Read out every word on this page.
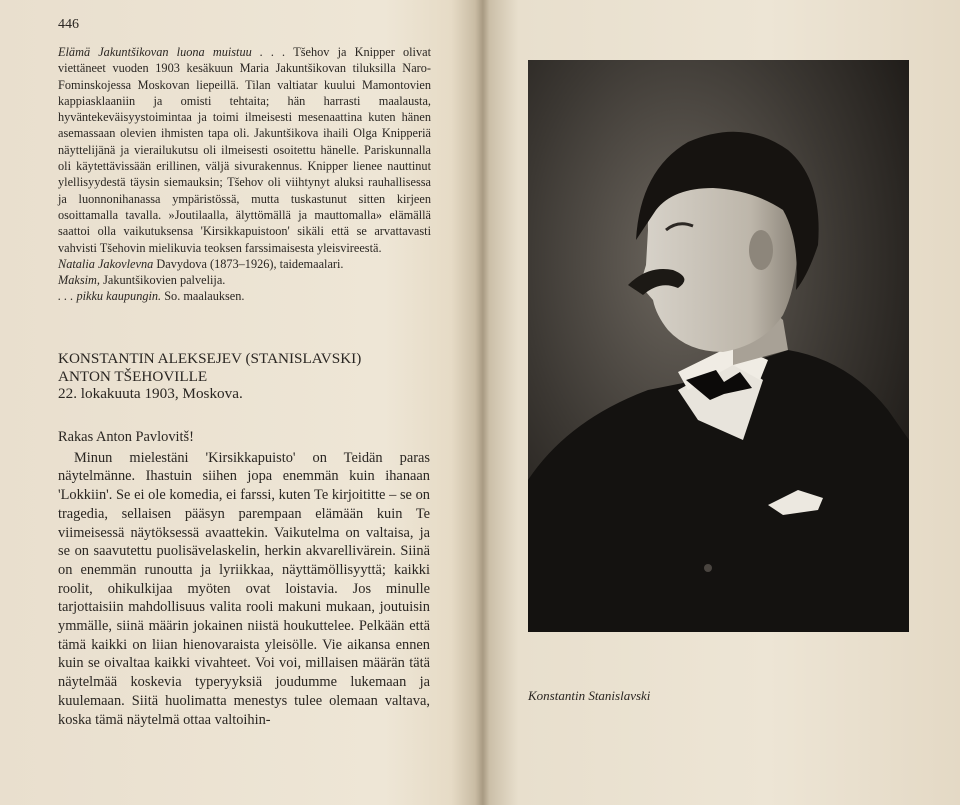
446

Elämä Jakuntšikovan luona muistuu . . . Tšehov ja Knipper olivat viettäneet vuoden 1903 kesäkuun Maria Jakuntšikovan tiluksilla Naro-Fominskojessa Moskovan liepeillä. Tilan valtiatar kuului Mamontovien kappiasklaaniin ja omisti tehtaita; hän harrasti maalausta, hyväntekeväisyystoimintaa ja toimi ilmeisesti mesenaattina kuten hänen asemassaan olevien ihmisten tapa oli. Jakuntšikova ihaili Olga Knipperiä näyttelijänä ja vierailukutsu oli ilmeisesti osoitettu hänelle. Pariskunnalla oli käytettävissään erillinen, väljä sivurakennus. Knipper lienee nauttinut ylellisyydestä täysin siemauksin; Tšehov oli viihtynyt aluksi rauhallisessa ja luonnonihanassa ympäristössä, mutta tuskastunut sitten kirjeen osoittamalla tavalla. »Joutilaalla, älyttömällä ja mauttomalla» elämällä saattoi olla vaikutuksensa 'Kirsikkapuistoon' sikäli että se arvattavasti vahvisti Tšehovin mielikuvia teoksen farssimaisesta yleisvireestä.

Natalia Jakovlevna Davydova (1873–1926), taidemaalari.

Maksim, Jakuntšikovien palvelija.

. . . pikku kaupungin. So. maalauksen.

KONSTANTIN ALEKSEJEV (STANISLAVSKI)
ANTON TŠEHOVILLE
22. lokakuuta 1903, Moskova.

Rakas Anton Pavlovitš!

Minun mielestäni 'Kirsikkapuisto' on Teidän paras näytelmänne. Ihastuin siihen jopa enemmän kuin ihanaan 'Lokkiin'. Se ei ole komedia, ei farssi, kuten Te kirjoititte – se on tragedia, sellaisen pääsyn parempaan elämään kuin Te viimeisessä näytöksessä avaattekin. Vaikutelma on valtaisa, ja se on saavutettu puolisävelaskelin, herkin akvarellivärein. Siinä on enemmän runoutta ja lyriikkaa, näyttämöllisyyttä; kaikki roolit, ohikulkijaa myöten ovat loistavia. Jos minulle tarjottaisiin mahdollisuus valita rooli makuni mukaan, joutuisin ymmälle, siinä määrin jokainen niistä houkuttelee. Pelkään että tämä kaikki on liian hienovaraista yleisölle. Vie aikansa ennen kuin se oivaltaa kaikki vivahteet. Voi voi, millaisen määrän tätä näytelmää koskevia typeryyksiä joudumme lukemaan ja kuulemaan. Siitä huolimatta menestys tulee olemaan valtava, koska tämä näytelmä ottaa valtoihin-

Konstantin Stanislavski
